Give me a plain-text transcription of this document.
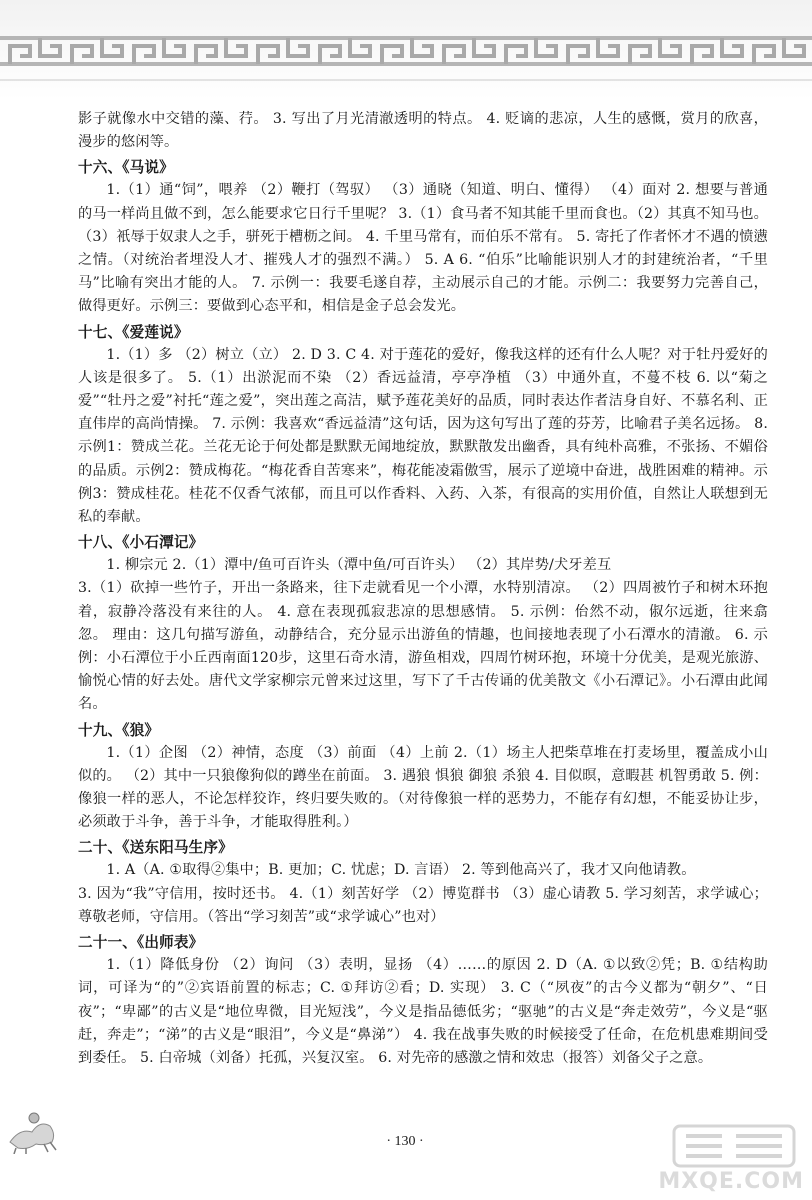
影子就像水中交错的藻、荇。 3. 写出了月光清澈透明的特点。 4. 贬谪的悲凉，人生的感慨，赏月的欣喜，漫步的悠闲等。

十六、《马说》

1.（1）通“饲”，喂养 （2）鞭打（驾驭） （3）通晓（知道、明白、懂得） （4）面对 2. 想要与普通的马一样尚且做不到，怎么能要求它日行千里呢？ 3.（1）食马者不知其能千里而食也。（2）其真不知马也。 （3）衹辱于奴隶人之手，骈死于槽枥之间。 4. 千里马常有，而伯乐不常有。 5. 寄托了作者怀才不遇的愤懑之情。（对统治者埋没人才、摧残人才的强烈不满。） 5. A 6. “伯乐”比喻能识别人才的封建统治者，“千里马”比喻有突出才能的人。 7. 示例一：我要毛遂自荐，主动展示自己的才能。示例二：我要努力完善自己，做得更好。示例三：要做到心态平和，相信是金子总会发光。

十七、《爱莲说》

1.（1）多 （2）树立（立） 2. D 3. C 4. 对于莲花的爱好，像我这样的还有什么人呢？对于牡丹爱好的人该是很多了。 5.（1）出淤泥而不染 （2）香远益清，亭亭净植 （3）中通外直，不蔓不枝 6. 以“菊之爱”“牡丹之爱”衬托“莲之爱”，突出莲之高洁，赋予莲花美好的品质，同时表达作者洁身自好、不慕名利、正直伟岸的高尚情操。 7. 示例：我喜欢“香远益清”这句话，因为这句写出了莲的芬芳，比喻君子美名远扬。 8. 示例1：赞成兰花。兰花无论于何处都是默默无闻地绽放，默默散发出幽香，具有纯朴高雅，不张扬、不媚俗的品质。示例2：赞成梅花。“梅花香自苦寒来”，梅花能凌霜傲雪，展示了逆境中奋进，战胜困难的精神。示例3：赞成桂花。桂花不仅香气浓郁，而且可以作香料、入药、入茶，有很高的实用价值，自然让人联想到无私的奉献。

十八、《小石潭记》

1. 柳宗元 2.（1）潭中/鱼可百许头（潭中鱼/可百许头） （2）其岸势/犬牙差互

3.（1）砍掉一些竹子，开出一条路来，往下走就看见一个小潭，水特别清凉。 （2）四周被竹子和树木环抱着，寂静冷落没有来往的人。 4. 意在表现孤寂悲凉的思想感情。 5. 示例：佁然不动，俶尔远逝，往来翕忽。 理由：这几句描写游鱼，动静结合，充分显示出游鱼的情趣，也间接地表现了小石潭水的清澈。 6. 示例：小石潭位于小丘西南面120步，这里石奇水清，游鱼相戏，四周竹树环抱，环境十分优美，是观光旅游、愉悦心情的好去处。唐代文学家柳宗元曾来过这里，写下了千古传诵的优美散文《小石潭记》。小石潭由此闻名。

十九、《狼》

1.（1）企图 （2）神情，态度 （3）前面 （4）上前 2.（1）场主人把柴草堆在打麦场里，覆盖成小山似的。 （2）其中一只狼像狗似的蹲坐在前面。 3. 遇狼 惧狼 御狼 杀狼 4. 目似暝，意暇甚 机智勇敢 5. 例：像狼一样的恶人，不论怎样狡诈，终归要失败的。（对待像狼一样的恶势力，不能存有幻想，不能妥协让步，必须敢于斗争，善于斗争，才能取得胜利。）

二十、《送东阳马生序》

1. A（A. ①取得②集中；B. 更加；C. 忧虑；D. 言语） 2. 等到他高兴了，我才又向他请教。

3. 因为“我”守信用，按时还书。 4.（1）刻苦好学 （2）博览群书 （3）虚心请教 5. 学习刻苦，求学诚心；尊敬老师，守信用。（答出“学习刻苦”或“求学诚心”也对）

二十一、《出师表》

1.（1）降低身份 （2）询问 （3）表明，显扬 （4）……的原因 2. D（A. ①以致②凭；B. ①结构助词，可译为“的”②宾语前置的标志；C. ①拜访②看；D. 实现） 3. C（“夙夜”的古今义都为“朝夕”、“日夜”；“卑鄙”的古义是“地位卑微，目光短浅”，今义是指品德低劣；“驱驰”的古义是“奔走效劳”，今义是“驱赶，奔走”；“涕”的古义是“眼泪”，今义是“鼻涕”） 4. 我在战事失败的时候接受了任命，在危机患难期间受到委任。 5. 白帝城（刘备）托孤，兴复汉室。 6. 对先帝的感激之情和效忠（报答）刘备父子之意。

· 130 ·
MXQE.COM
